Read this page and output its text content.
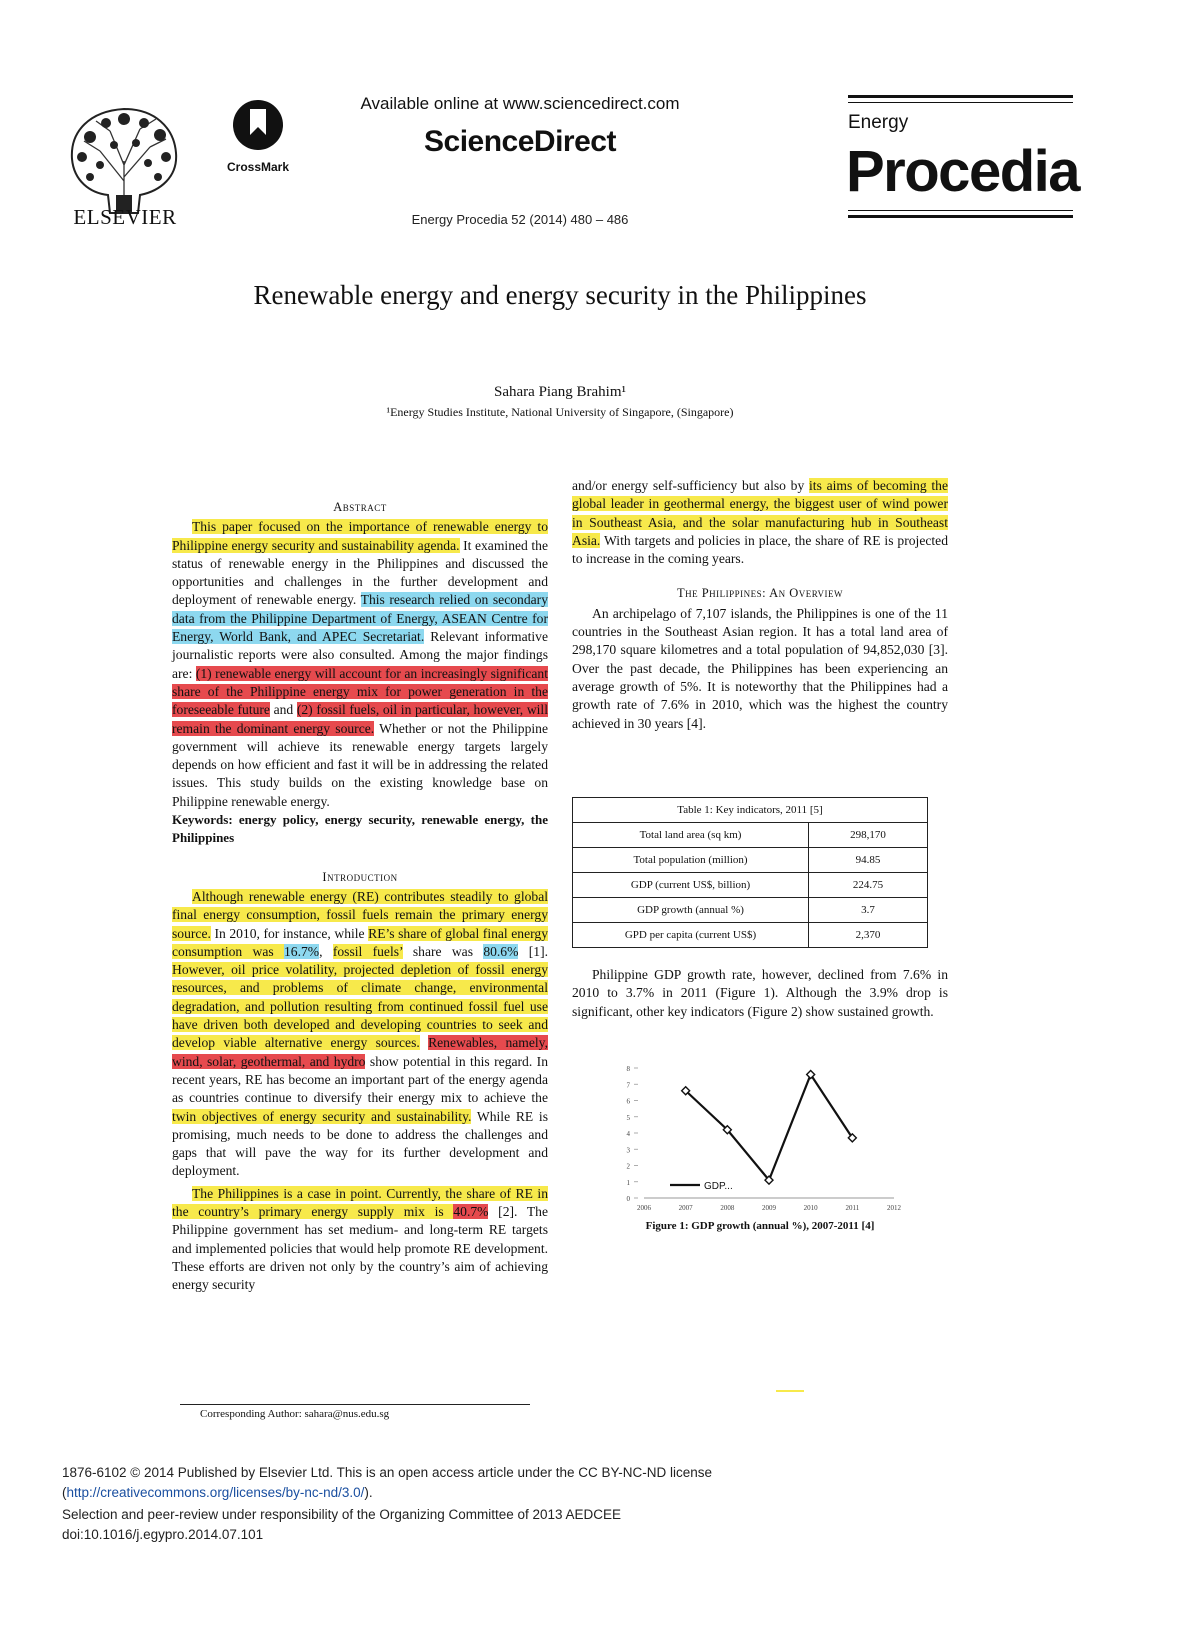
ELSEVIER
CrossMark
Available online at www.sciencedirect.com
ScienceDirect
Energy Procedia 52 (2014) 480 – 486
Energy
Procedia
Renewable energy and energy security in the Philippines
Sahara Piang Brahim¹
¹Energy Studies Institute, National University of Singapore, (Singapore)
Abstract

This paper focused on the importance of renewable energy to Philippine energy security and sustainability agenda. It examined the status of renewable energy in the Philippines and discussed the opportunities and challenges in the further development and deployment of renewable energy. This research relied on secondary data from the Philippine Department of Energy, ASEAN Centre for Energy, World Bank, and APEC Secretariat. Relevant informative journalistic reports were also consulted. Among the major findings are: (1) renewable energy will account for an increasingly significant share of the Philippine energy mix for power generation in the foreseeable future and (2) fossil fuels, oil in particular, however, will remain the dominant energy source. Whether or not the Philippine government will achieve its renewable energy targets largely depends on how efficient and fast it will be in addressing the related issues. This study builds on the existing knowledge base on Philippine renewable energy.

Keywords: energy policy, energy security, renewable energy, the Philippines

Introduction

Although renewable energy (RE) contributes steadily to global final energy consumption, fossil fuels remain the primary energy source. In 2010, for instance, while RE’s share of global final energy consumption was 16.7%, fossil fuels’ share was 80.6% [1]. However, oil price volatility, projected depletion of fossil energy resources, and problems of climate change, environmental degradation, and pollution resulting from continued fossil fuel use have driven both developed and developing countries to seek and develop viable alternative energy sources. Renewables, namely, wind, solar, geothermal, and hydro show potential in this regard. In recent years, RE has become an important part of the energy agenda as countries continue to diversify their energy mix to achieve the twin objectives of energy security and sustainability. While RE is promising, much needs to be done to address the challenges and gaps that will pave the way for its further development and deployment.

The Philippines is a case in point. Currently, the share of RE in the country’s primary energy supply mix is 40.7% [2]. The Philippine government has set medium- and long-term RE targets and implemented policies that would help promote RE development. These efforts are driven not only by the country’s aim of achieving energy security

Corresponding Author: sahara@nus.edu.sg

and/or energy self-sufficiency but also by its aims of becoming the global leader in geothermal energy, the biggest user of wind power in Southeast Asia, and the solar manufacturing hub in Southeast Asia. With targets and policies in place, the share of RE is projected to increase in the coming years.

The Philippines: An Overview

An archipelago of 7,107 islands, the Philippines is one of the 11 countries in the Southeast Asian region. It has a total land area of 298,170 square kilometres and a total population of 94,852,030 [3]. Over the past decade, the Philippines has been experiencing an average growth of 5%. It is noteworthy that the Philippines had a growth rate of 7.6% in 2010, which was the highest the country achieved in 30 years [4].

Table 1: Key indicators, 2011 [5]	
Total land area (sq km)	298,170
Total population (million)	94.85
GDP (current US$, billion)	224.75
GDP growth (annual %)	3.7
GPD per capita (current US$)	2,370

Philippine GDP growth rate, however, declined from 7.6% in 2010 to 3.7% in 2011 (Figure 1). Although the 3.9% drop is significant, other key indicators (Figure 2) show sustained growth.

0
1
2
3
4
5
6
7
8
2006	2007	2008	2009	2010	2011	2012
GDP...
Figure 1: GDP growth (annual %), 2007-2011 [4]
1876-6102 © 2014 Published by Elsevier Ltd. This is an open access article under the CC BY-NC-ND license
(http://creativecommons.org/licenses/by-nc-nd/3.0/).
Selection and peer-review under responsibility of the Organizing Committee of 2013 AEDCEE
doi:10.1016/j.egypro.2014.07.101
